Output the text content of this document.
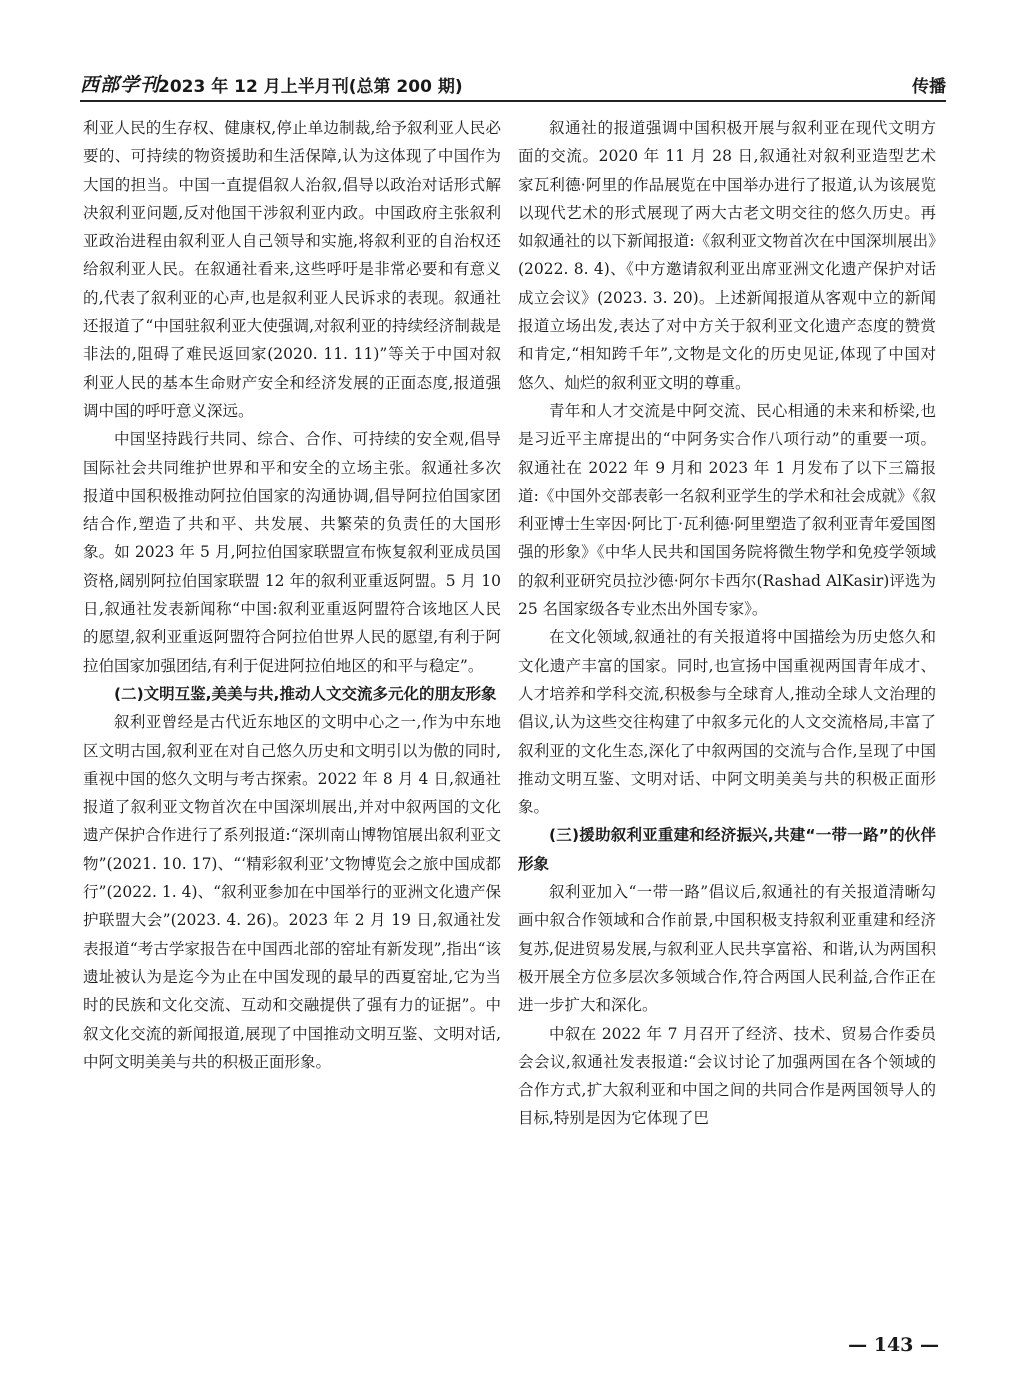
西部学刊
2023 年 12 月上半月刊(总第 200 期)	传播

利亚人民的生存权、健康权,停止单边制裁,给予叙利亚人民必要的、可持续的物资援助和生活保障,认为这体现了中国作为大国的担当。中国一直提倡叙人治叙,倡导以政治对话形式解决叙利亚问题,反对他国干涉叙利亚内政。中国政府主张叙利亚政治进程由叙利亚人自己领导和实施,将叙利亚的自治权还给叙利亚人民。在叙通社看来,这些呼吁是非常必要和有意义的,代表了叙利亚的心声,也是叙利亚人民诉求的表现。叙通社还报道了“中国驻叙利亚大使强调,对叙利亚的持续经济制裁是非法的,阻碍了难民返回家(2020. 11. 11)”等关于中国对叙利亚人民的基本生命财产安全和经济发展的正面态度,报道强调中国的呼吁意义深远。

中国坚持践行共同、综合、合作、可持续的安全观,倡导国际社会共同维护世界和平和安全的立场主张。叙通社多次报道中国积极推动阿拉伯国家的沟通协调,倡导阿拉伯国家团结合作,塑造了共和平、共发展、共繁荣的负责任的大国形象。如 2023 年 5 月,阿拉伯国家联盟宣布恢复叙利亚成员国资格,阔别阿拉伯国家联盟 12 年的叙利亚重返阿盟。5 月 10 日,叙通社发表新闻称“中国:叙利亚重返阿盟符合该地区人民的愿望,叙利亚重返阿盟符合阿拉伯世界人民的愿望,有利于阿拉伯国家加强团结,有利于促进阿拉伯地区的和平与稳定”。

(二)文明互鉴,美美与共,推动人文交流多元化的朋友形象

叙利亚曾经是古代近东地区的文明中心之一,作为中东地区文明古国,叙利亚在对自己悠久历史和文明引以为傲的同时,重视中国的悠久文明与考古探索。2022 年 8 月 4 日,叙通社报道了叙利亚文物首次在中国深圳展出,并对中叙两国的文化遗产保护合作进行了系列报道:“深圳南山博物馆展出叙利亚文物”(2021. 10. 17)、“‘精彩叙利亚’文物博览会之旅中国成都行”(2022. 1. 4)、“叙利亚参加在中国举行的亚洲文化遗产保护联盟大会”(2023. 4. 26)。2023 年 2 月 19 日,叙通社发表报道“考古学家报告在中国西北部的窑址有新发现”,指出“该遗址被认为是迄今为止在中国发现的最早的西夏窑址,它为当时的民族和文化交流、互动和交融提供了强有力的证据”。中叙文化交流的新闻报道,展现了中国推动文明互鉴、文明对话,中阿文明美美与共的积极正面形象。

叙通社的报道强调中国积极开展与叙利亚在现代文明方面的交流。2020 年 11 月 28 日,叙通社对叙利亚造型艺术家瓦利德·阿里的作品展览在中国举办进行了报道,认为该展览以现代艺术的形式展现了两大古老文明交往的悠久历史。再如叙通社的以下新闻报道:《叙利亚文物首次在中国深圳展出》(2022. 8. 4)、《中方邀请叙利亚出席亚洲文化遗产保护对话成立会议》(2023. 3. 20)。上述新闻报道从客观中立的新闻报道立场出发,表达了对中方关于叙利亚文化遗产态度的赞赏和肯定,“相知跨千年”,文物是文化的历史见证,体现了中国对悠久、灿烂的叙利亚文明的尊重。

青年和人才交流是中阿交流、民心相通的未来和桥梁,也是习近平主席提出的“中阿务实合作八项行动”的重要一项。叙通社在 2022 年 9 月和 2023 年 1 月发布了以下三篇报道:《中国外交部表彰一名叙利亚学生的学术和社会成就》《叙利亚博士生宰因·阿比丁·瓦利德·阿里塑造了叙利亚青年爱国图强的形象》《中华人民共和国国务院将微生物学和免疫学领域的叙利亚研究员拉沙德·阿尔卡西尔(Rashad AlKasir)评选为 25 名国家级各专业杰出外国专家》。

在文化领域,叙通社的有关报道将中国描绘为历史悠久和文化遗产丰富的国家。同时,也宣扬中国重视两国青年成才、人才培养和学科交流,积极参与全球育人,推动全球人文治理的倡议,认为这些交往构建了中叙多元化的人文交流格局,丰富了叙利亚的文化生态,深化了中叙两国的交流与合作,呈现了中国推动文明互鉴、文明对话、中阿文明美美与共的积极正面形象。

(三)援助叙利亚重建和经济振兴,共建“一带一路”的伙伴形象

叙利亚加入“一带一路”倡议后,叙通社的有关报道清晰勾画中叙合作领域和合作前景,中国积极支持叙利亚重建和经济复苏,促进贸易发展,与叙利亚人民共享富裕、和谐,认为两国积极开展全方位多层次多领域合作,符合两国人民利益,合作正在进一步扩大和深化。

中叙在 2022 年 7 月召开了经济、技术、贸易合作委员会会议,叙通社发表报道:“会议讨论了加强两国在各个领域的合作方式,扩大叙利亚和中国之间的共同合作是两国领导人的目标,特别是因为它体现了巴

— 143 —
